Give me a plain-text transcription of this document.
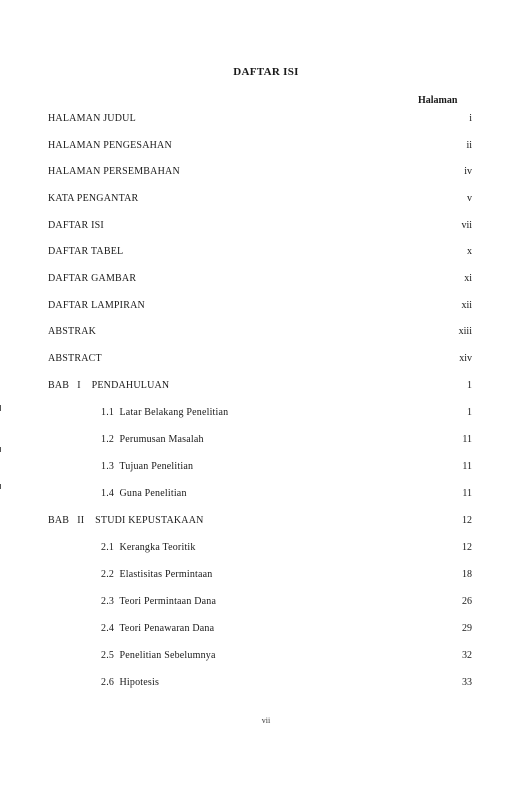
DAFTAR ISI
Halaman
HALAMAN JUDUL	i
HALAMAN PENGESAHAN	ii
HALAMAN PERSEMBAHAN	iv
KATA PENGANTAR	v
DAFTAR ISI	vii
DAFTAR TABEL	x
DAFTAR GAMBAR	xi
DAFTAR LAMPIRAN	xii
ABSTRAK	xiii
ABSTRACT	xiv
BAB   I    PENDAHULUAN	1
1.1  Latar Belakang Penelitian	1
1.2  Perumusan Masalah	11
1.3  Tujuan Penelitian	11
1.4  Guna Penelitian	11
BAB   II    STUDI KEPUSTAKAAN	12
2.1  Kerangka Teoritik	12
2.2  Elastisitas Permintaan	18
2.3  Teori Permintaan Dana	26
2.4  Teori Penawaran Dana	29
2.5  Penelitian Sebelumnya	32
2.6  Hipotesis	33
vii
